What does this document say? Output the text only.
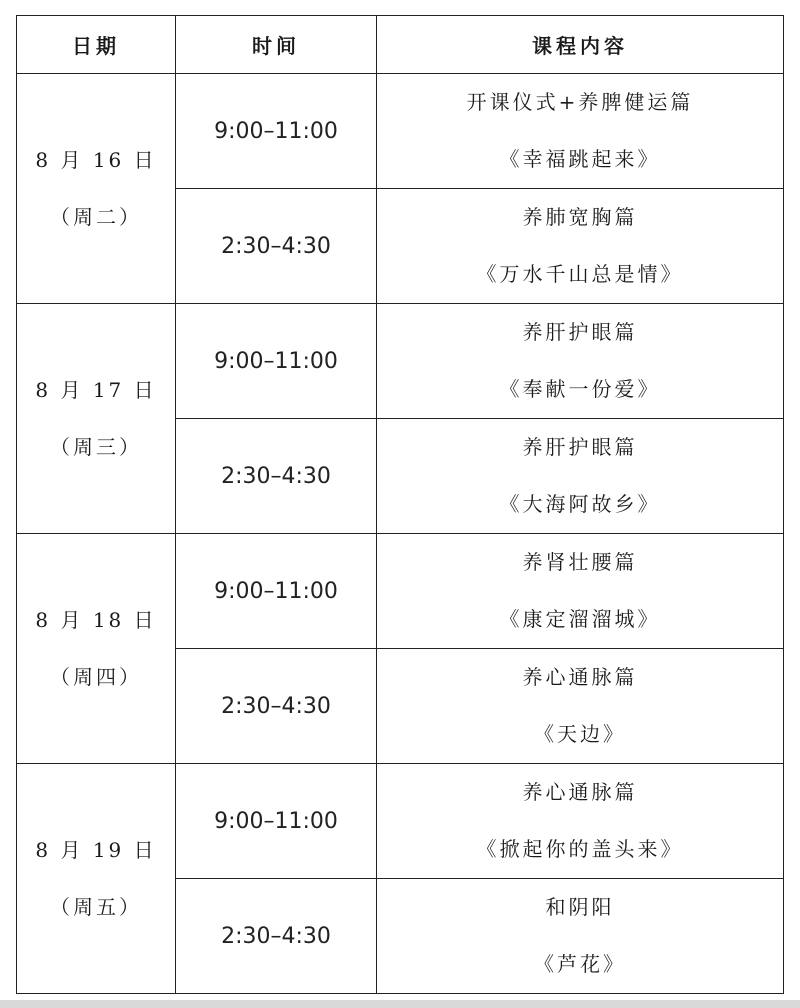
日期	时间	课程内容

8 月 16 日
（周二）	9:00–11:00	开课仪式+养脾健运篇
《幸福跳起来》

	2:30–4:30	养肺宽胸篇
《万水千山总是情》

8 月 17 日
（周三）	9:00–11:00	养肝护眼篇
《奉献一份爱》

	2:30–4:30	养肝护眼篇
《大海阿故乡》

8 月 18 日
（周四）	9:00–11:00	养肾壮腰篇
《康定溜溜城》

	2:30–4:30	养心通脉篇
《天边》

8 月 19 日
（周五）	9:00–11:00	养心通脉篇
《掀起你的盖头来》

	2:30–4:30	和阴阳
《芦花》
